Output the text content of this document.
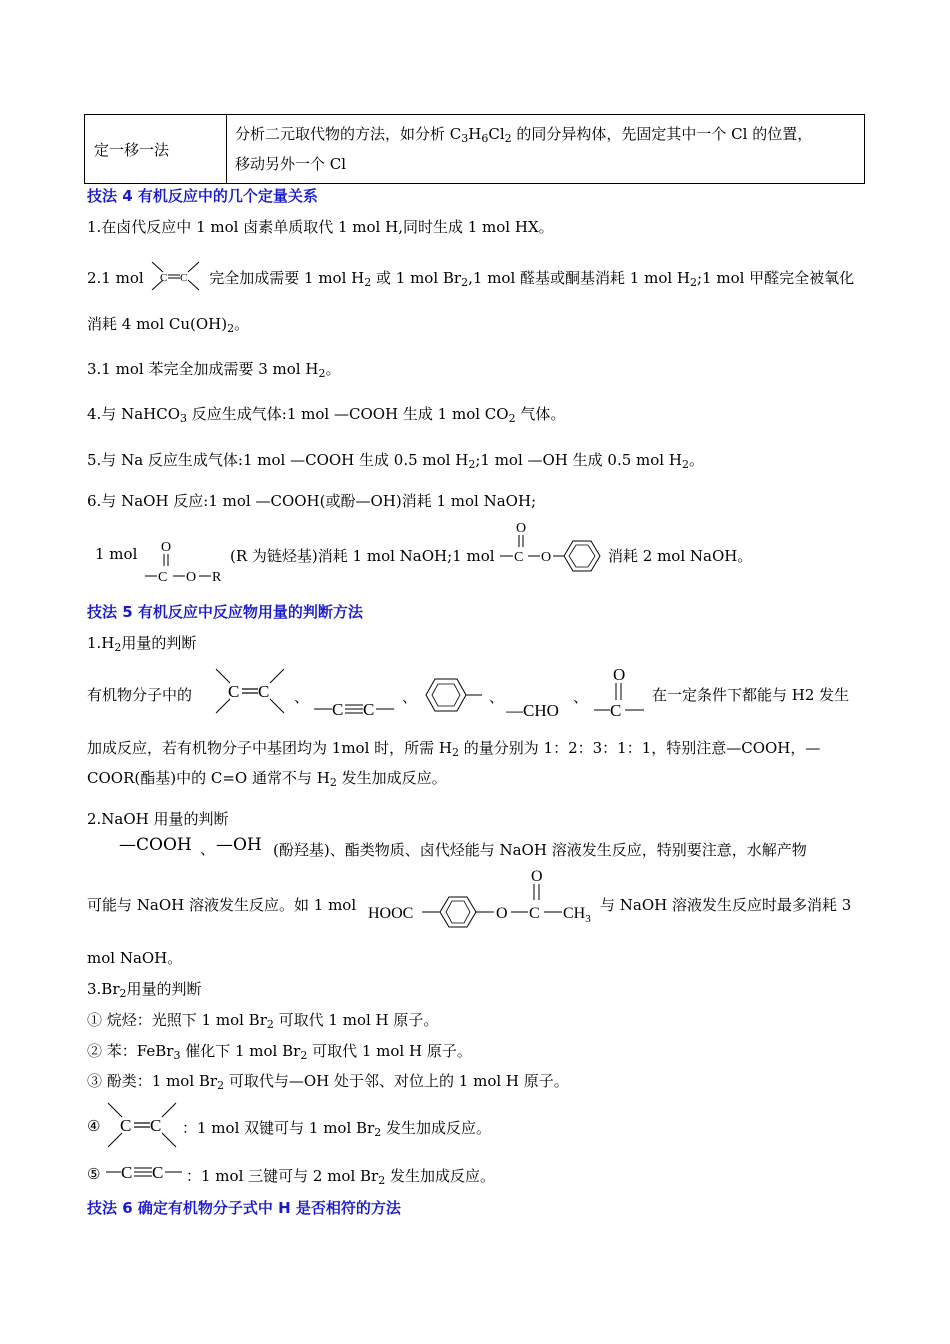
定一移一法	分析二元取代物的方法，如分析 $C_3H_6Cl_2$ 的同分异构体，先固定其中一个 Cl 的位置，
移动另外一个 Cl
技法 4 有机反应中的几个定量关系
1.在卤代反应中 1 mol 卤素单质取代 1 mol H,同时生成 1 mol HX。
2.1 mol C C 完全加成需要 1 mol $H_2$ 或 1 mol $Br_2,1$ mol 醛基或酮基消耗 1 mol $H_2;1$ mol 甲醛完全被氧化
消耗 4 mol $Cu(OH)_2$。
3.1 mol 苯完全加成需要 3 mol $H_2$。
4.与 NaHCO$_3$ 反应生成气体:1 mol —COOH 生成 1 mol $CO_2$ 气体。
5.与 Na 反应生成气体:1 mol —COOH 生成 0.5 mol $H_2;1$ mol —OH 生成 0.5 mol $H_2$。
6.与 NaOH 反应:1 mol —COOH(或酚—OH)消耗 1 mol NaOH;
1 mol O
C O R
(R 为链烃基)消耗 1 mol NaOH;1 mol
O
C O	消耗 2 mol NaOH。
技法 5 有机反应中反应物用量的判断方法
$1.H_2$用量的判断
有机物分子中的 C C 、
C C
、	、
—CHO
、
O
C
在一定条件下都能与 H2 发生
加成反应，若有机物分子中基团均为 1mol 时，所需 $H_2$ 的量分别为 1：2：3：1：1，特别注意—COOH，—
COOR(酯基)中的 C=O 通常不与 $H_2$ 发生加成反应。
2.NaOH 用量的判断
—COOH 、 —OH (酚羟基)、酯类物质、卤代烃能与 NaOH 溶液发生反应，特别要注意，水解产物
可能与 NaOH 溶液发生反应。如 1 mol HOOC	O
O
C $CH_3$
与 NaOH 溶液发生反应时最多消耗 3
mol NaOH。
$3.Br_2$用量的判断
① 烷烃：光照下 1 mol $Br_2$ 可取代 1 mol H 原子。
② 苯：FeBr$_3$ 催化下 1 mol $Br_2$ 可取代 1 mol H 原子。
③ 酚类：1 mol $Br_2$ 可取代与—OH 处于邻、对位上的 1 mol H 原子。
④ C C ：1 mol 双键可与 1 mol $Br_2$ 发生加成反应。
⑤ C C ：1 mol 三键可与 2 mol $Br_2$ 发生加成反应。
技法 6 确定有机物分子式中 H 是否相符的方法
